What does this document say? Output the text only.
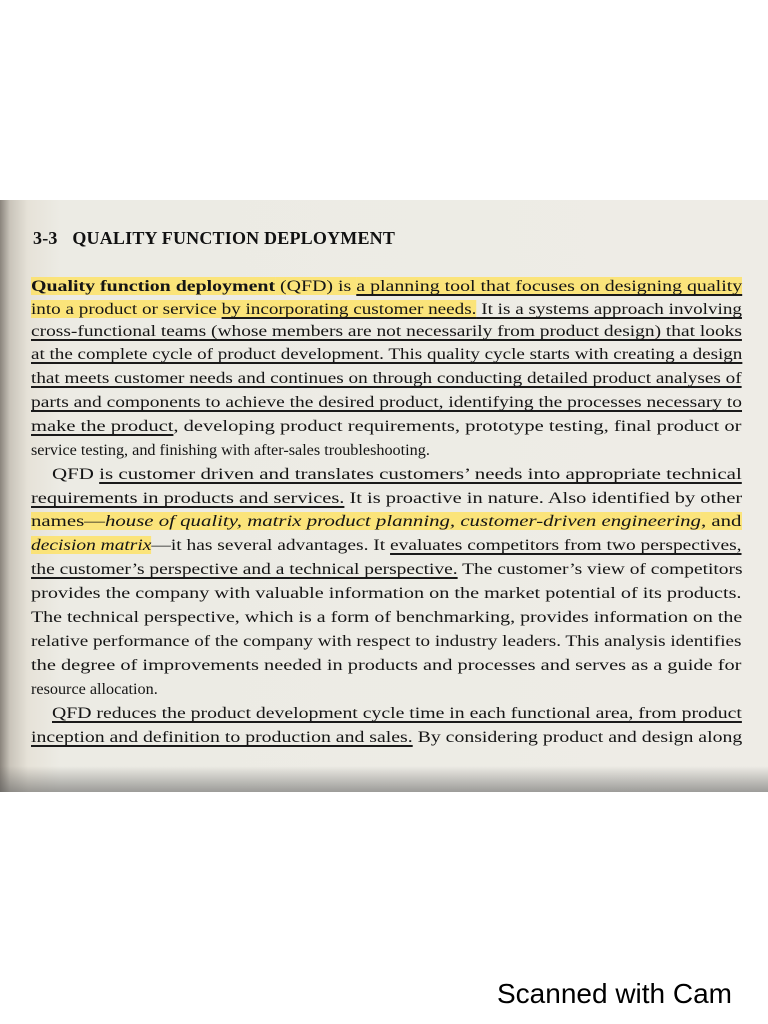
3-3 QUALITY FUNCTION DEPLOYMENT

Quality function deployment (QFD) is a planning tool that focuses on designing quality

into a product or service by incorporating customer needs. It is a systems approach involving

cross-functional teams (whose members are not necessarily from product design) that looks

at the complete cycle of product development. This quality cycle starts with creating a design

that meets customer needs and continues on through conducting detailed product analyses of

parts and components to achieve the desired product, identifying the processes necessary to

make the product, developing product requirements, prototype testing, final product or

service testing, and finishing with after-sales troubleshooting.

QFD is customer driven and translates customers’ needs into appropriate technical

requirements in products and services. It is proactive in nature. Also identified by other

names—house of quality, matrix product planning, customer-driven engineering, and

decision matrix—it has several advantages. It evaluates competitors from two perspectives,

the customer’s perspective and a technical perspective. The customer’s view of competitors

provides the company with valuable information on the market potential of its products.

The technical perspective, which is a form of benchmarking, provides information on the

relative performance of the company with respect to industry leaders. This analysis identifies

the degree of improvements needed in products and processes and serves as a guide for

resource allocation.

QFD reduces the product development cycle time in each functional area, from product

inception and definition to production and sales. By considering product and design along

Scanned with Cam
